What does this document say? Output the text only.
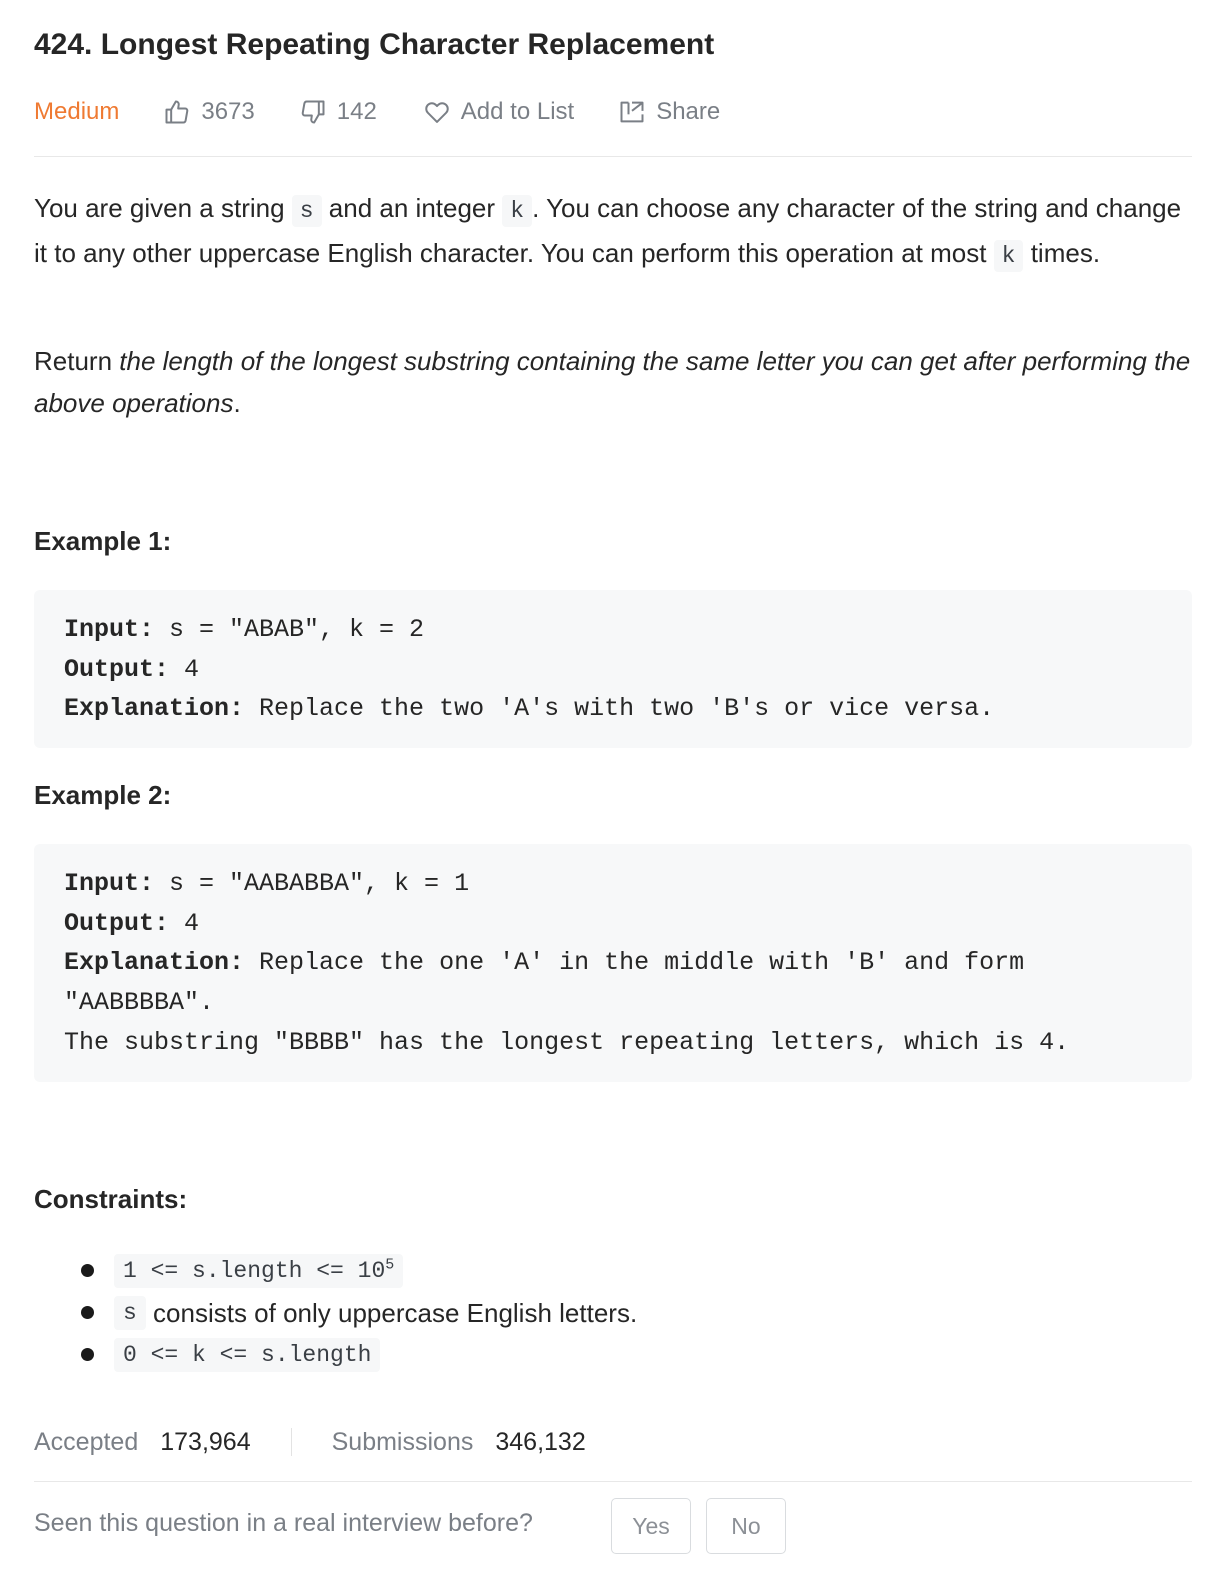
424. Longest Repeating Character Replacement
Medium	3673	142	Add to List	Share
You are given a string s and an integer k . You can choose any character of the string and change it to any other uppercase English character. You can perform this operation at most k times.
Return the length of the longest substring containing the same letter you can get after performing the above operations.
Example 1:
Input: s = "ABAB", k = 2
Output: 4
Explanation: Replace the two 'A's with two 'B's or vice versa.
Example 2:
Input: s = "AABABBA", k = 1
Output: 4
Explanation: Replace the one 'A' in the middle with 'B' and form
"AABBBBA".
The substring "BBBB" has the longest repeating letters, which is 4.
Constraints:
1 <= s.length <= $10^5$
s consists of only uppercase English letters.
0 <= k <= s.length
Accepted 173,964	Submissions 346,132
Seen this question in a real interview before?	Yes	No
